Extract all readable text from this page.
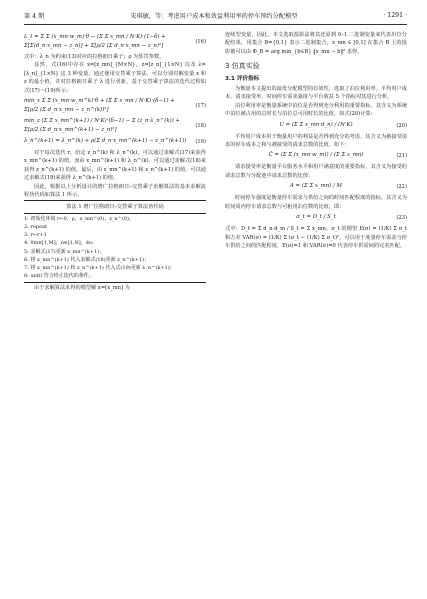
第 4 期	宋琪敏，等：考虑用户成本和效益利用率的停车预约分配模型	· 1291 ·
L_t = Σ Σ (x_mn·w_m)·θ − (Σ Σ x_mn / N·K)·(1−δ) + Σ[Σ(d_n·x_mn − z_n)] + Σ[ρ/2 (Σ d_n·x_mn − z_n)²]
(16)

式中：λ_n 为约束(13)对应的拉格朗日乘子；ρ 为惩罚参数。

显然，式(16)中存在 x=[x_mn]_{M×N}，z=[z_n]_{1×N} 以及 λ=[λ_n]_{1×N} 这 3 种变量，通过使用交替乘子算法，可以分别对解变量 x 和 z 的最小值，并对拉格朗日乘子 λ 进行更新。基于交替乘子算法的迭代过程如式(17)～(19)所示：

min_x Σ Σ (x_mn·w_m^k)·θ + (Σ Σ x_mn / N·K)·(δ−1) + Σ[ρ/2 (Σ d_n·x_mn − z_n^(k))²]
(17)
min_z (Σ Σ x_mn^(k+1) / N·K)·(δ−1) − Σ (z_n·λ_n^(k)) + Σ[ρ/2 (Σ d_n·x_mn^(k+1) − z_n)²]
(18)
λ_n^(k+1) = λ_n^(k) + ρ(Σ d_n·x_mn^(k+1) − z_n^(k+1))	(19)

对于每次迭代 r，给定 z_n^(k) 和 λ_n^(k)，可以通过求解式(17)来获得 x_mn^(k+1) 的值。而由 x_mn^(k+1) 和 λ_n^(k)，可以通过求解式(18)来获得 z_n^(k+1) 的值。最后，由 x_mn^(k+1) 和 z_n^(k+1) 的值，可以通过求解式(19)来获得 λ_n^(k+1) 的值。

因此，根据以上分析设计的增广拉格朗日–交替乘子求解算法的基本求解流程伪代码如算法 1 所示。

算法 1 增广拉格朗日–交替乘子算法伪代码
1: 初始化环境 r←0，ρ，x_mn^(0)，z_n^(0)。
2: repeat
3: r←r+1
4: ∀m∈[1,M]，n∈[1,N]，do:
5: 求解式(17)更新 x_mn^(k+1)；
6: 将 x_mn^(k+1) 代入求解式(18)更新 z_n^(k+1)；
7: 将 x_mn^(k+1) 和 z_n^(k+1) 代入式(19)更新 λ_n^(k+1)；
8: until 符合终止迭代的条件。

由于求解算法求得的模型解 x=[x_mn] 为

连续型变量，因此，本文选取投影法将其还原到 0–1 二进制变量来代表出位分配结果。用集合 B={0,1} 表示二进制集合，x_mn ∈ [0,1] 在集合 B 上的投影被可以由 Φ_B = arg min_{b∈B} ‖x_mn − b‖² 求得。

3 仿真实验
3.1 评价指标

为衡量本文提出的最优分配模型的有效性，选取了泊位利用率、平均用户成本、请求接受率、时间停车需求强度与平台收益 5 个指标对其进行分析。

泊位利用率是衡量系统中泊位是否得到充分利用的重要指标，其含义为系统中泊位被占用的总时长与泊位总可用时长的比值，如式(20)计算：

U = (Σ Σ x_mn·d_n) / (N·K)	(20)

平均用户成本用于衡量用户的利益是否得到充分的考虑，其含义为被接受请求的停车成本之和与被接受的请求总数的比值，如下：

C̄ = (Σ Σ (x_mn·w_m)) / (Σ Σ x_mn)	(21)

请求接受率是衡量平台服务水平和用户满意度的重要指标，其含义为接受的请求总数与分配池中请求总数的比值：

A = (Σ Σ x_mn) / M	(22)

时间停车强度是衡量停车需求与供给之间的时间匹配程度的指标，其含义为时间周内停车请求总数与可租用泊位数的比值，即：

σ_t = D_t / S_t	(23)

式中：D_t = Σ d_n·d_m / S_t = Σ x_mn，σ_t 的期望 E(σ) = (1/K) Σ σ_t 和方差 VAR(σ) = (1/K) Σ (σ_t − (1/K) Σ σ_t)²，可以用于度量停车需求与停车供给之间的匹配程度，E(σ)=1 和 VAR(σ)=0 代表停车供需间的完美匹配。
